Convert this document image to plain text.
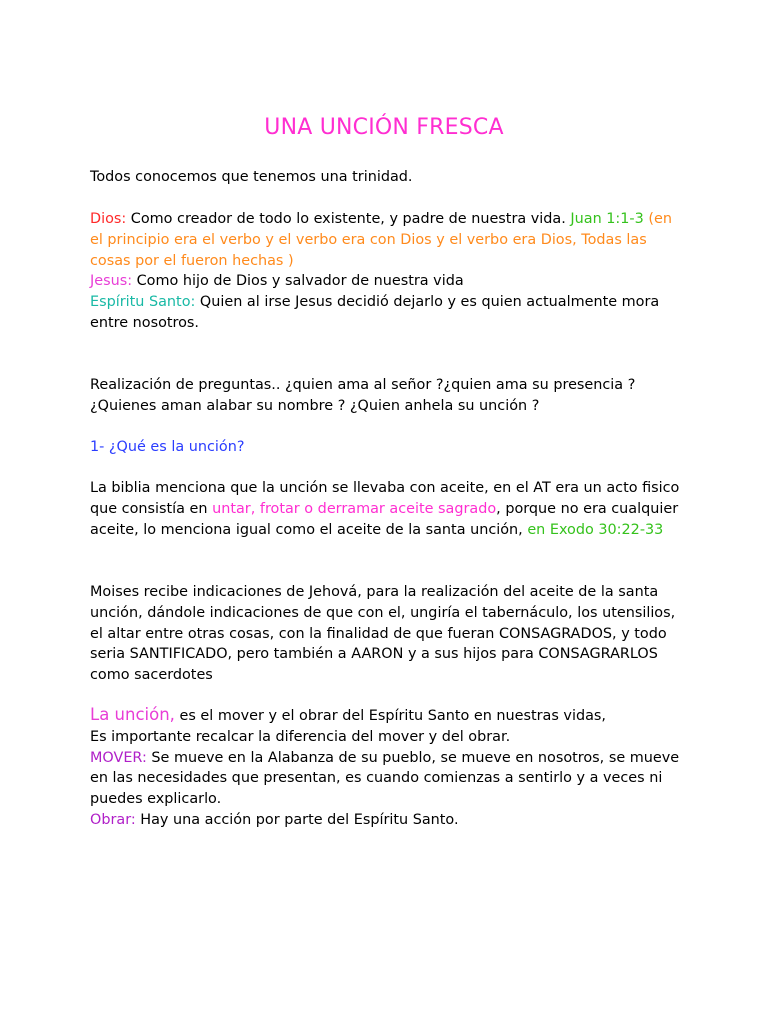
UNA UNCIÓN FRESCA

Todos conocemos que tenemos una trinidad.

Dios: Como creador de todo lo existente, y padre de nuestra vida. Juan 1:1-3 (en el principio era el verbo y el verbo era con Dios y el verbo era Dios, Todas las cosas por el fueron hechas )

Jesus: Como hijo de Dios y salvador de nuestra vida

Espíritu Santo: Quien al irse Jesus decidió dejarlo y es quien actualmente mora entre nosotros.

Realización de preguntas.. ¿quien ama al señor ?¿quien ama su presencia ? ¿Quienes aman alabar su nombre ? ¿Quien anhela su unción ?

1- ¿Qué es la unción?

La biblia menciona que la unción se llevaba con aceite, en el AT era un acto fisico que consistía en untar, frotar o derramar aceite sagrado, porque no era cualquier aceite, lo menciona igual como el aceite de la santa unción, en Exodo 30:22-33

Moises recibe indicaciones de Jehová, para la realización del aceite de la santa unción, dándole indicaciones de que con el, ungiría el tabernáculo, los utensilios, el altar entre otras cosas, con la finalidad de que fueran CONSAGRADOS, y todo seria SANTIFICADO, pero también a AARON y a sus hijos para CONSAGRARLOS como sacerdotes

La unción, es el mover y el obrar del Espíritu Santo en nuestras vidas,

Es importante recalcar la diferencia del mover y del obrar.

MOVER: Se mueve en la Alabanza de su pueblo, se mueve en nosotros, se mueve en las necesidades que presentan, es cuando comienzas a sentirlo y a veces ni puedes explicarlo.

Obrar: Hay una acción por parte del Espíritu Santo.
